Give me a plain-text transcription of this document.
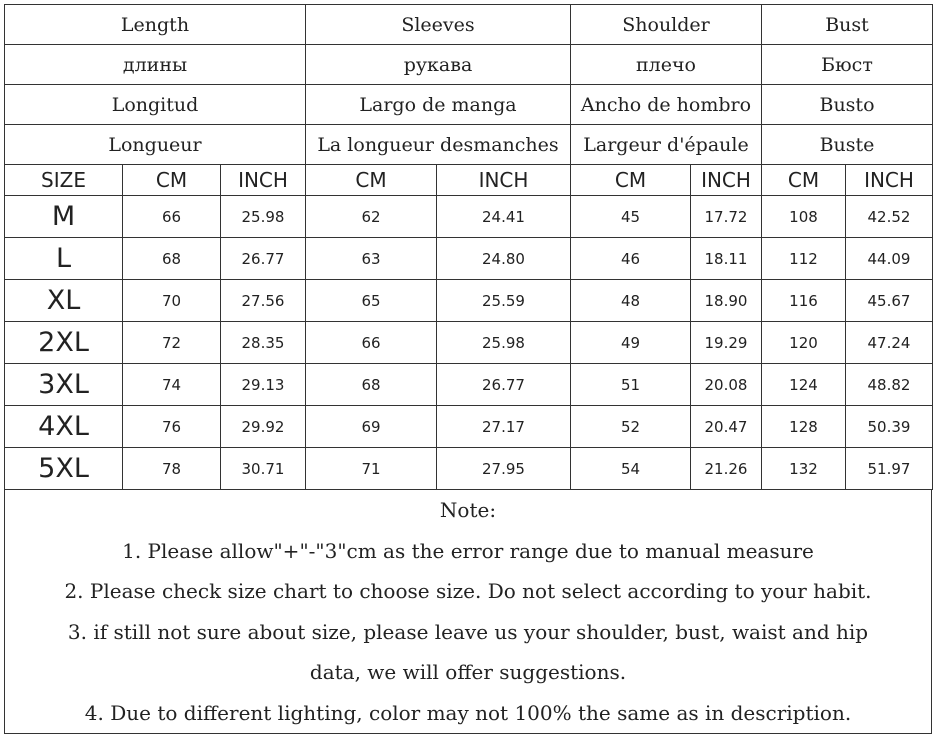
Length			Sleeves		Shoulder		Bust	
длины			рукава		плечо		Бюст	
Longitud			Largo de manga		Ancho de hombro		Busto	
Longueur			La longueur desmanches		Largeur d'épaule		Buste	
SIZE	CM	INCH	CM	INCH	CM	INCH	CM	INCH
M	66	25.98	62	24.41	45	17.72	108	42.52
L	68	26.77	63	24.80	46	18.11	112	44.09
XL	70	27.56	65	25.59	48	18.90	116	45.67
2XL	72	28.35	66	25.98	49	19.29	120	47.24
3XL	74	29.13	68	26.77	51	20.08	124	48.82
4XL	76	29.92	69	27.17	52	20.47	128	50.39
5XL	78	30.71	71	27.95	54	21.26	132	51.97
Note:
1. Please allow"+"-"3"cm as the error range due to manual measure
2. Please check size chart to choose size. Do not select according to your habit.
3. if still not sure about size, please leave us your shoulder, bust, waist and hip
data, we will offer suggestions.
4. Due to different lighting, color may not 100% the same as in description.
